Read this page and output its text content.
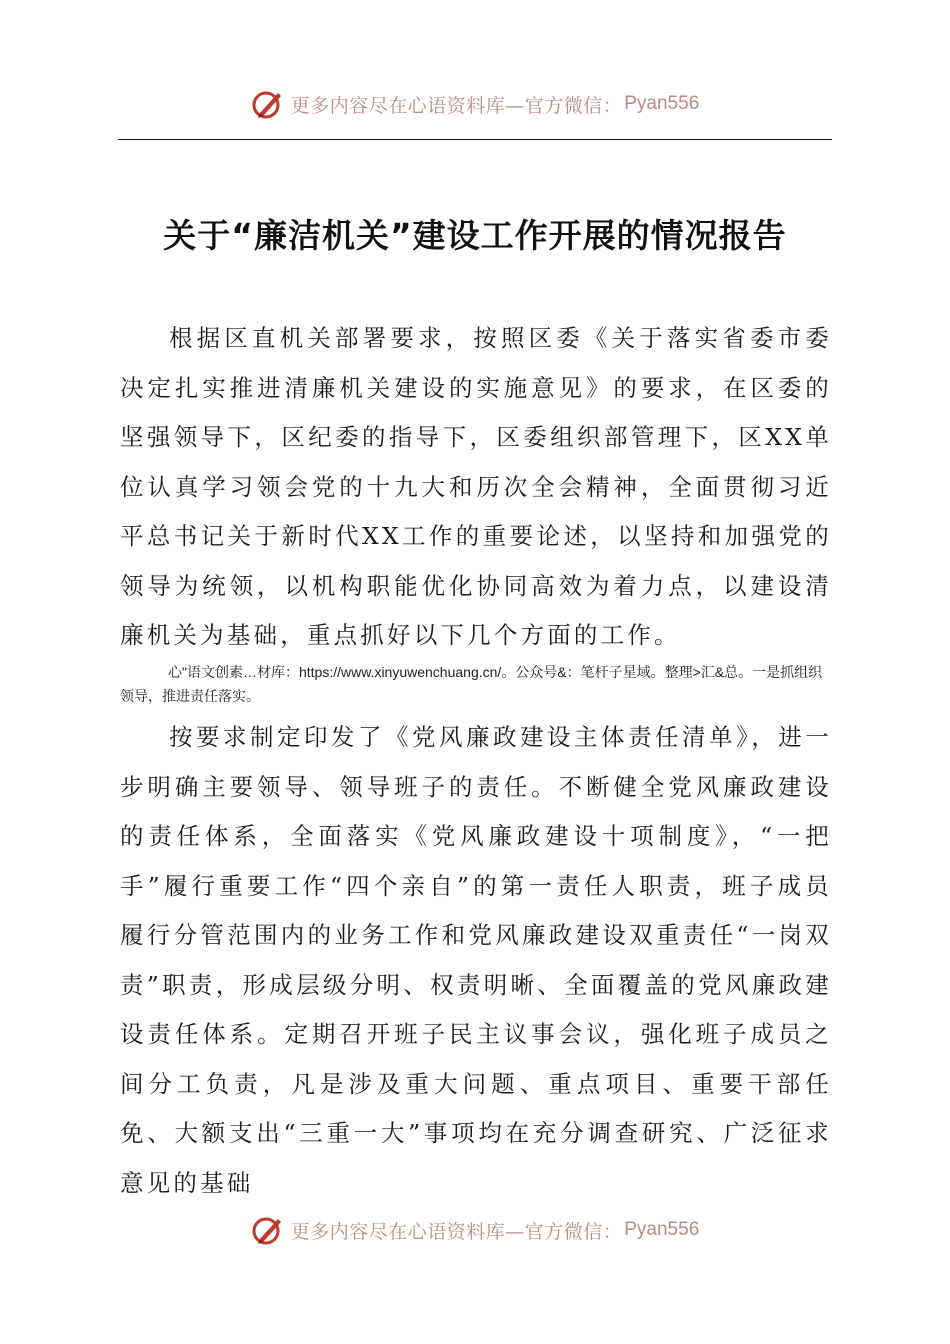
更多内容尽在心语资料库—官方微信： Pyan556
关于“廉洁机关”建设工作开展的情况报告

根据区直机关部署要求，按照区委《关于落实省委市委决定扎实推进清廉机关建设的实施意见》的要求，在区委的坚强领导下，区纪委的指导下，区委组织部管理下，区XX单位认真学习领会党的十九大和历次全会精神，全面贯彻习近平总书记关于新时代XX工作的重要论述，以坚持和加强党的领导为统领，以机构职能优化协同高效为着力点，以建设清廉机关为基础，重点抓好以下几个方面的工作。

心"语文创素…材库：https://www.xinyuwenchuang.cn/。公众号&：笔杆子星域。整理>汇&总。一是抓组织领导，推进责任落实。

按要求制定印发了《党风廉政建设主体责任清单》，进一步明确主要领导、领导班子的责任。不断健全党风廉政建设的责任体系，全面落实《党风廉政建设十项制度》，“一把手”履行重要工作“四个亲自”的第一责任人职责，班子成员履行分管范围内的业务工作和党风廉政建设双重责任“一岗双责”职责，形成层级分明、权责明晰、全面覆盖的党风廉政建设责任体系。定期召开班子民主议事会议，强化班子成员之间分工负责，凡是涉及重大问题、重点项目、重要干部任免、大额支出“三重一大”事项均在充分调查研究、广泛征求意见的基础

更多内容尽在心语资料库—官方微信： Pyan556
